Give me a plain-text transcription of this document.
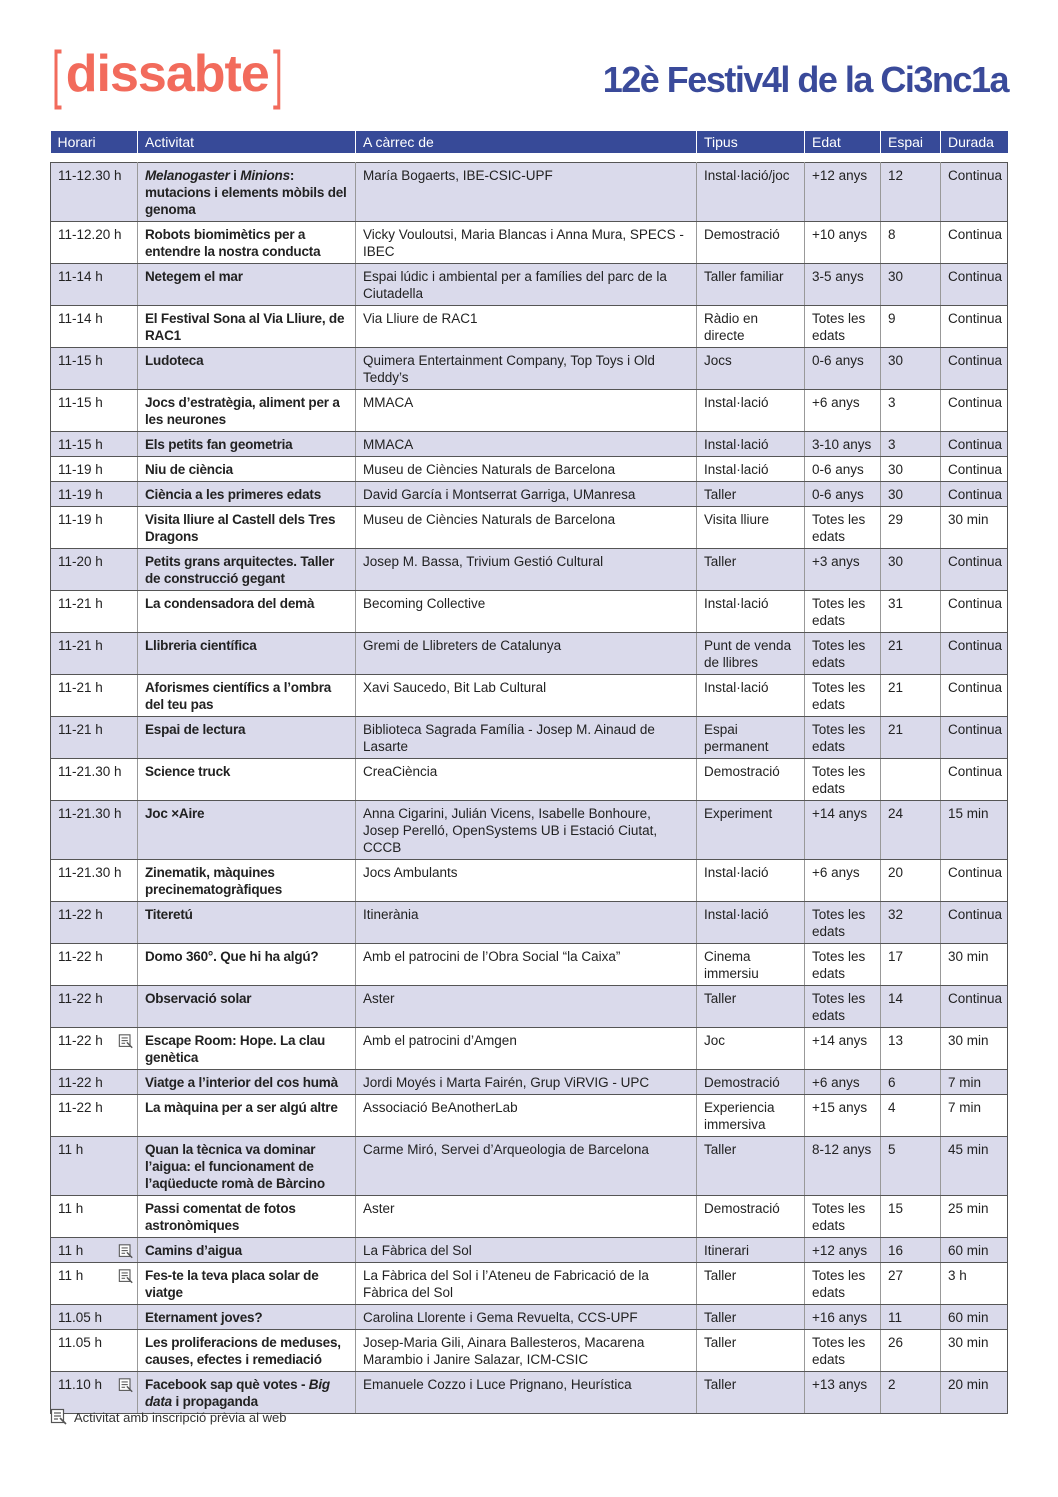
[ dissabte ]	12è Festiv4l de la Ci3nc1a
Horari	Activitat	A càrrec de	Tipus	Edat	Espai	Durada

11-12.30 h	Melanogaster i Minions: mutacions i elements mòbils del genoma	María Bogaerts, IBE-CSIC-UPF	Instal·lació/joc	+12 anys	12	Continua
11-12.20 h	Robots biomimètics per a entendre la nostra conducta	Vicky Vouloutsi, Maria Blancas i Anna Mura, SPECS -IBEC	Demostració	+10 anys	8	Continua
11-14 h	Netegem el mar	Espai lúdic i ambiental per a famílies del parc de la Ciutadella	Taller familiar	3-5 anys	30	Continua
11-14 h	El Festival Sona al Via Lliure, de RAC1	Via Lliure de RAC1	Ràdio en directe	Totes les edats	9	Continua
11-15 h	Ludoteca	Quimera Entertainment Company, Top Toys i Old Teddy’s	Jocs	0-6 anys	30	Continua
11-15 h	Jocs d’estratègia, aliment per a les neurones	MMACA	Instal·lació	+6 anys	3	Continua
11-15 h	Els petits fan geometria	MMACA	Instal·lació	3-10 anys	3	Continua
11-19 h	Niu de ciència	Museu de Ciències Naturals de Barcelona	Instal·lació	0-6 anys	30	Continua
11-19 h	Ciència a les primeres edats	David García i Montserrat Garriga, UManresa	Taller	0-6 anys	30	Continua
11-19 h	Visita lliure al Castell dels Tres Dragons	Museu de Ciències Naturals de Barcelona	Visita lliure	Totes les edats	29	30 min
11-20 h	Petits grans arquitectes. Taller de construcció gegant	Josep M. Bassa, Trivium Gestió Cultural	Taller	+3 anys	30	Continua
11-21 h	La condensadora del demà	Becoming Collective	Instal·lació	Totes les edats	31	Continua
11-21 h	Llibreria científica	Gremi de Llibreters de Catalunya	Punt de venda de llibres	Totes les edats	21	Continua
11-21 h	Aforismes científics a l’ombra del teu pas	Xavi Saucedo, Bit Lab Cultural	Instal·lació	Totes les edats	21	Continua
11-21 h	Espai de lectura	Biblioteca Sagrada Família - Josep M. Ainaud de Lasarte	Espai permanent	Totes les edats	21	Continua
11-21.30 h	Science truck	CreaCiència	Demostració	Totes les edats		Continua
11-21.30 h	Joc ×Aire	Anna Cigarini, Julián Vicens, Isabelle Bonhoure, Josep Perelló, OpenSystems UB i Estació Ciutat, CCCB	Experiment	+14 anys	24	15 min
11-21.30 h	Zinematik, màquines precinematogràfiques	Jocs Ambulants	Instal·lació	+6 anys	20	Continua
11-22 h	Titeretú	Itinerània	Instal·lació	Totes les edats	32	Continua
11-22 h	Domo 360°. Que hi ha algú?	Amb el patrocini de l’Obra Social “la Caixa”	Cinema immersiu	Totes les edats	17	30 min
11-22 h	Observació solar	Aster	Taller	Totes les edats	14	Continua
11-22 h	Escape Room: Hope. La clau genètica	Amb el patrocini d’Amgen	Joc	+14 anys	13	30 min
11-22 h	Viatge a l’interior del cos humà	Jordi Moyés i Marta Fairén, Grup ViRVIG - UPC	Demostració	+6 anys	6	7 min
11-22 h	La màquina per a ser algú altre	Associació BeAnotherLab	Experiencia immersiva	+15 anys	4	7 min
11 h	Quan la tècnica va dominar l’aigua: el funcionament de l’aqüeducte romà de Bàrcino	Carme Miró, Servei d’Arqueologia de Barcelona	Taller	8-12 anys	5	45 min
11 h	Passi comentat de fotos astronòmiques	Aster	Demostració	Totes les edats	15	25 min
11 h	Camins d’aigua	La Fàbrica del Sol	Itinerari	+12 anys	16	60 min
11 h	Fes-te la teva placa solar de viatge	La Fàbrica del Sol i l’Ateneu de Fabricació de la Fàbrica del Sol	Taller	Totes les edats	27	3 h
11.05 h	Eternament joves?	Carolina Llorente i Gema Revuelta, CCS-UPF	Taller	+16 anys	11	60 min
11.05 h	Les proliferacions de meduses, causes, efectes i remediació	Josep-Maria Gili, Ainara Ballesteros, Macarena Marambio i Janire Salazar, ICM-CSIC	Taller	Totes les edats	26	30 min
11.10 h	Facebook sap què votes - Big data i propaganda	Emanuele Cozzo i Luce Prignano, Heurística	Taller	+13 anys	2	20 min
Activitat amb inscripció prèvia al web
